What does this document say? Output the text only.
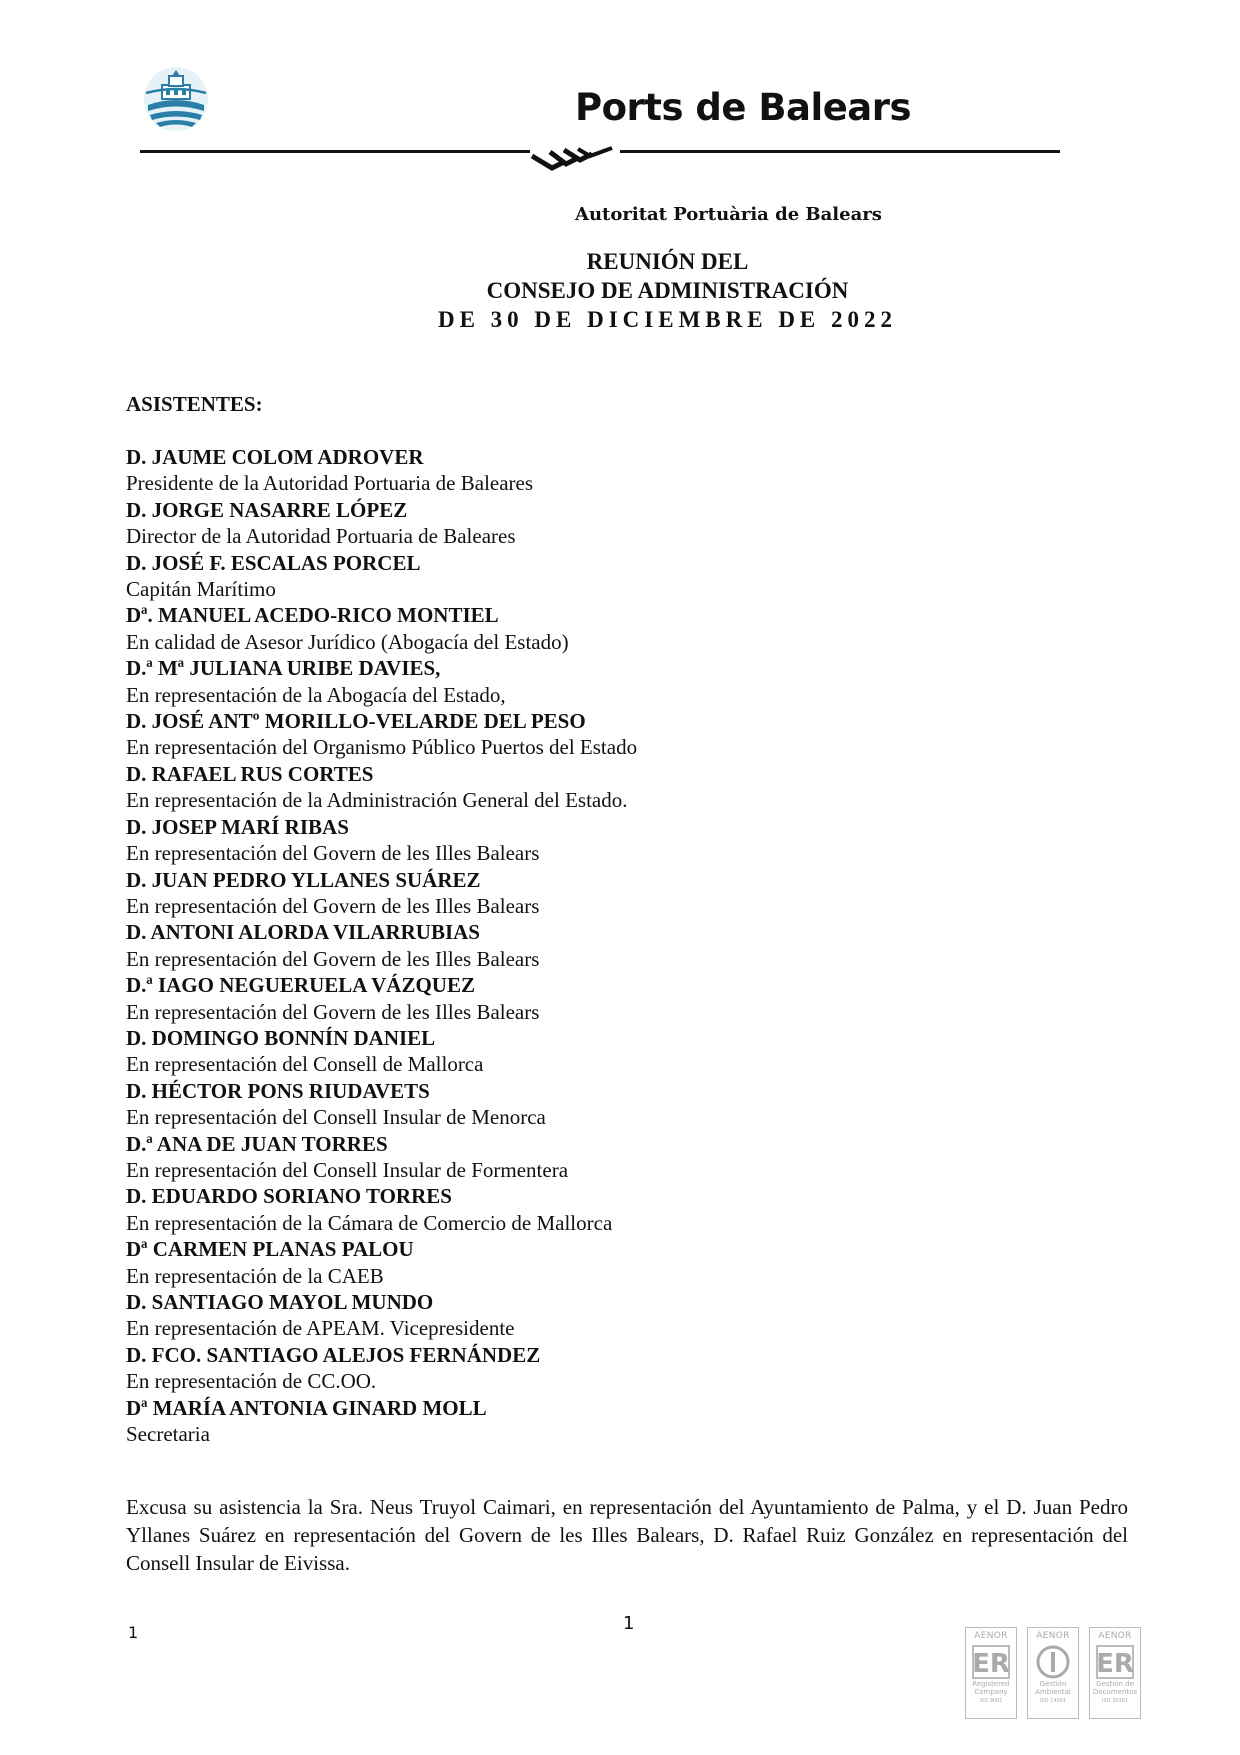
Ports de Balears
Autoritat Portuària de Balears
REUNIÓN DEL
CONSEJO DE ADMINISTRACIÓN
DE 30 DE DICIEMBRE DE 2022
ASISTENTES:
D. JAUME COLOM ADROVER
Presidente de la Autoridad Portuaria de Baleares
D. JORGE NASARRE LÓPEZ
Director de la Autoridad Portuaria de Baleares
D. JOSÉ F. ESCALAS PORCEL
Capitán Marítimo
Dª. MANUEL ACEDO-RICO MONTIEL
En calidad de Asesor Jurídico (Abogacía del Estado)
D.ª Mª JULIANA URIBE DAVIES,
En representación de la Abogacía del Estado,
D. JOSÉ ANTº MORILLO-VELARDE DEL PESO
En representación del Organismo Público Puertos del Estado
D. RAFAEL RUS CORTES
En representación de la Administración General del Estado.
D. JOSEP MARÍ RIBAS
En representación del Govern de les Illes Balears
D. JUAN PEDRO YLLANES SUÁREZ
En representación del Govern de les Illes Balears
D. ANTONI ALORDA VILARRUBIAS
En representación del Govern de les Illes Balears
D.ª IAGO NEGUERUELA VÁZQUEZ
En representación del Govern de les Illes Balears
D. DOMINGO BONNÍN DANIEL
En representación del Consell de Mallorca
D. HÉCTOR PONS RIUDAVETS
En representación del Consell Insular de Menorca
D.ª ANA DE JUAN TORRES
En representación del Consell Insular de Formentera
D. EDUARDO SORIANO TORRES
En representación de la Cámara de Comercio de Mallorca
Dª CARMEN PLANAS PALOU
En representación de la CAEB
D. SANTIAGO MAYOL MUNDO
En representación de APEAM. Vicepresidente
D. FCO. SANTIAGO ALEJOS FERNÁNDEZ
En representación de CC.OO.
Dª MARÍA ANTONIA GINARD MOLL
Secretaria
Excusa su asistencia la Sra. Neus Truyol Caimari, en representación del Ayuntamiento de Palma, y el D. Juan Pedro Yllanes Suárez en representación del Govern de les Illes Balears, D. Rafael Ruiz González en representación del Consell Insular de Eivissa.
1	1
AENOR
ER
Registered
Company
ISO 9001
AENOR
Gestión
Ambiental
ISO 14001
AENOR
ER
Gestión de
Documentos
ISO 30301
